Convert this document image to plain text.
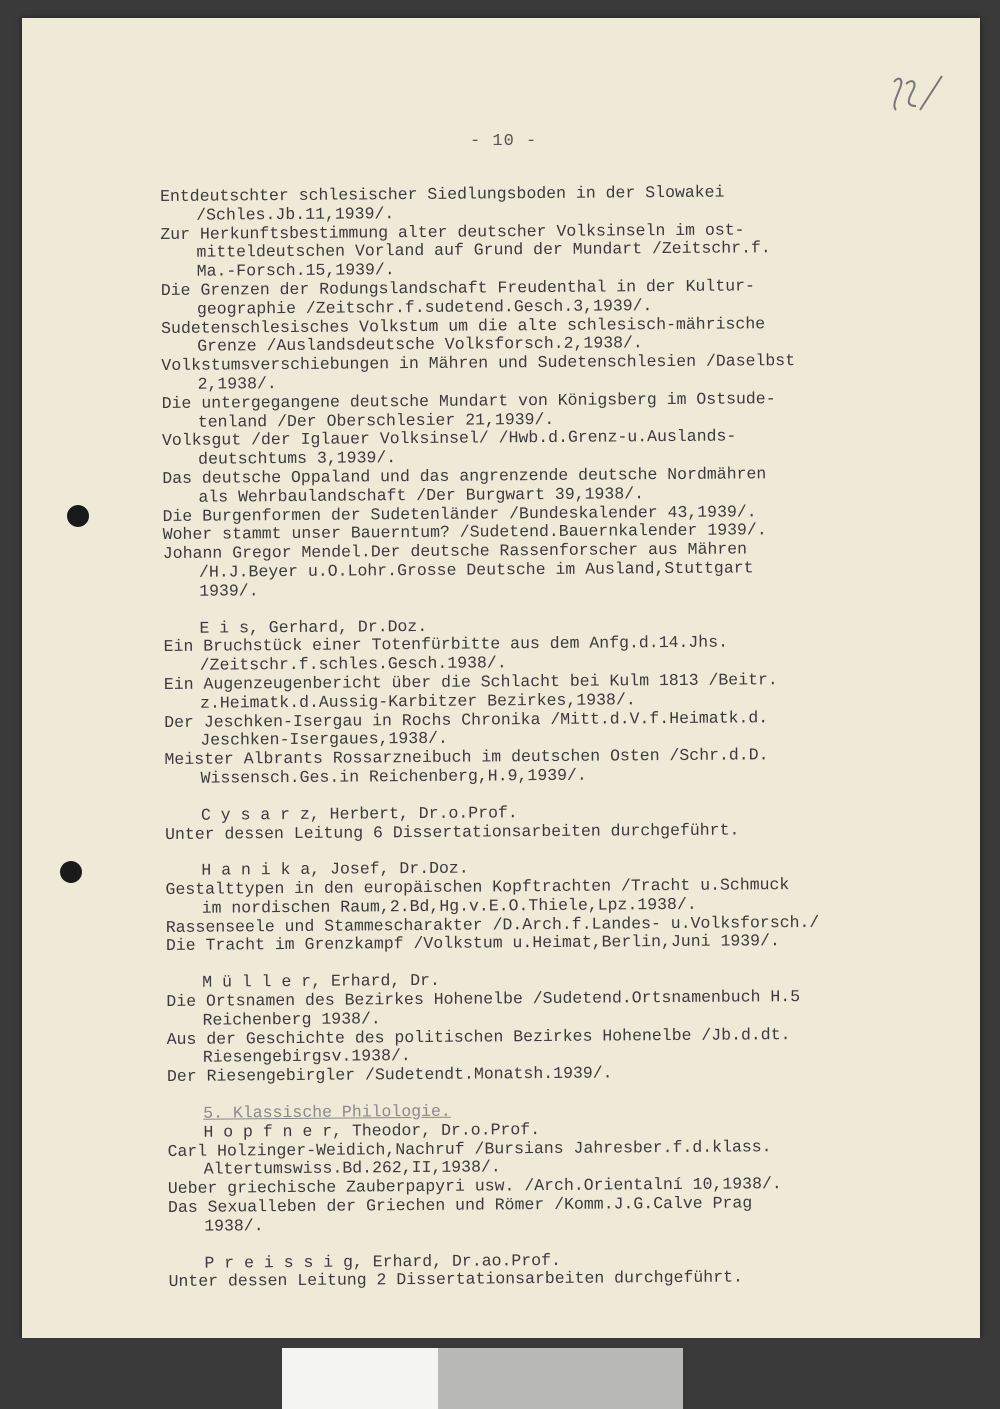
- 10 -
Entdeutschter schlesischer Siedlungsboden in der Slowakei
/Schles.Jb.11,1939/.
Zur Herkunftsbestimmung alter deutscher Volksinseln im ost-
mitteldeutschen Vorland auf Grund der Mundart /Zeitschr.f.
Ma.-Forsch.15,1939/.
Die Grenzen der Rodungslandschaft Freudenthal in der Kultur-
geographie /Zeitschr.f.sudetend.Gesch.3,1939/.
Sudetenschlesisches Volkstum um die alte schlesisch-mährische
Grenze /Auslandsdeutsche Volksforsch.2,1938/.
Volkstumsverschiebungen in Mähren und Sudetenschlesien /Daselbst
2,1938/.
Die untergegangene deutsche Mundart von Königsberg im Ostsude-
tenland /Der Oberschlesier 21,1939/.
Volksgut /der Iglauer Volksinsel/ /Hwb.d.Grenz-u.Auslands-
deutschtums 3,1939/.
Das deutsche Oppaland und das angrenzende deutsche Nordmähren
als Wehrbaulandschaft /Der Burgwart 39,1938/.
Die Burgenformen der Sudetenländer /Bundeskalender 43,1939/.
Woher stammt unser Bauerntum? /Sudetend.Bauernkalender 1939/.
Johann Gregor Mendel.Der deutsche Rassenforscher aus Mähren
/H.J.Beyer u.O.Lohr.Grosse Deutsche im Ausland,Stuttgart
1939/.
E i s, Gerhard, Dr.Doz.
Ein Bruchstück einer Totenfürbitte aus dem Anfg.d.14.Jhs.
/Zeitschr.f.schles.Gesch.1938/.
Ein Augenzeugenbericht über die Schlacht bei Kulm 1813 /Beitr.
z.Heimatk.d.Aussig-Karbitzer Bezirkes,1938/.
Der Jeschken-Isergau in Rochs Chronika /Mitt.d.V.f.Heimatk.d.
Jeschken-Isergaues,1938/.
Meister Albrants Rossarzneibuch im deutschen Osten /Schr.d.D.
Wissensch.Ges.in Reichenberg,H.9,1939/.
C y s a r z, Herbert, Dr.o.Prof.
Unter dessen Leitung 6 Dissertationsarbeiten durchgeführt.
H a n i k a, Josef, Dr.Doz.
Gestalttypen in den europäischen Kopftrachten /Tracht u.Schmuck
im nordischen Raum,2.Bd,Hg.v.E.O.Thiele,Lpz.1938/.
Rassenseele und Stammescharakter /D.Arch.f.Landes- u.Volksforsch./
Die Tracht im Grenzkampf /Volkstum u.Heimat,Berlin,Juni 1939/.
M ü l l e r, Erhard, Dr.
Die Ortsnamen des Bezirkes Hohenelbe /Sudetend.Ortsnamenbuch H.5
Reichenberg 1938/.
Aus der Geschichte des politischen Bezirkes Hohenelbe /Jb.d.dt.
Riesengebirgsv.1938/.
Der Riesengebirgler /Sudetendt.Monatsh.1939/.
5. Klassische Philologie.
H o p f n e r, Theodor, Dr.o.Prof.
Carl Holzinger-Weidich,Nachruf /Bursians Jahresber.f.d.klass.
Altertumswiss.Bd.262,II,1938/.
Ueber griechische Zauberpapyri usw. /Arch.Orientalní 10,1938/.
Das Sexualleben der Griechen und Römer /Komm.J.G.Calve Prag
1938/.
P r e i s s i g, Erhard, Dr.ao.Prof.
Unter dessen Leitung 2 Dissertationsarbeiten durchgeführt.
